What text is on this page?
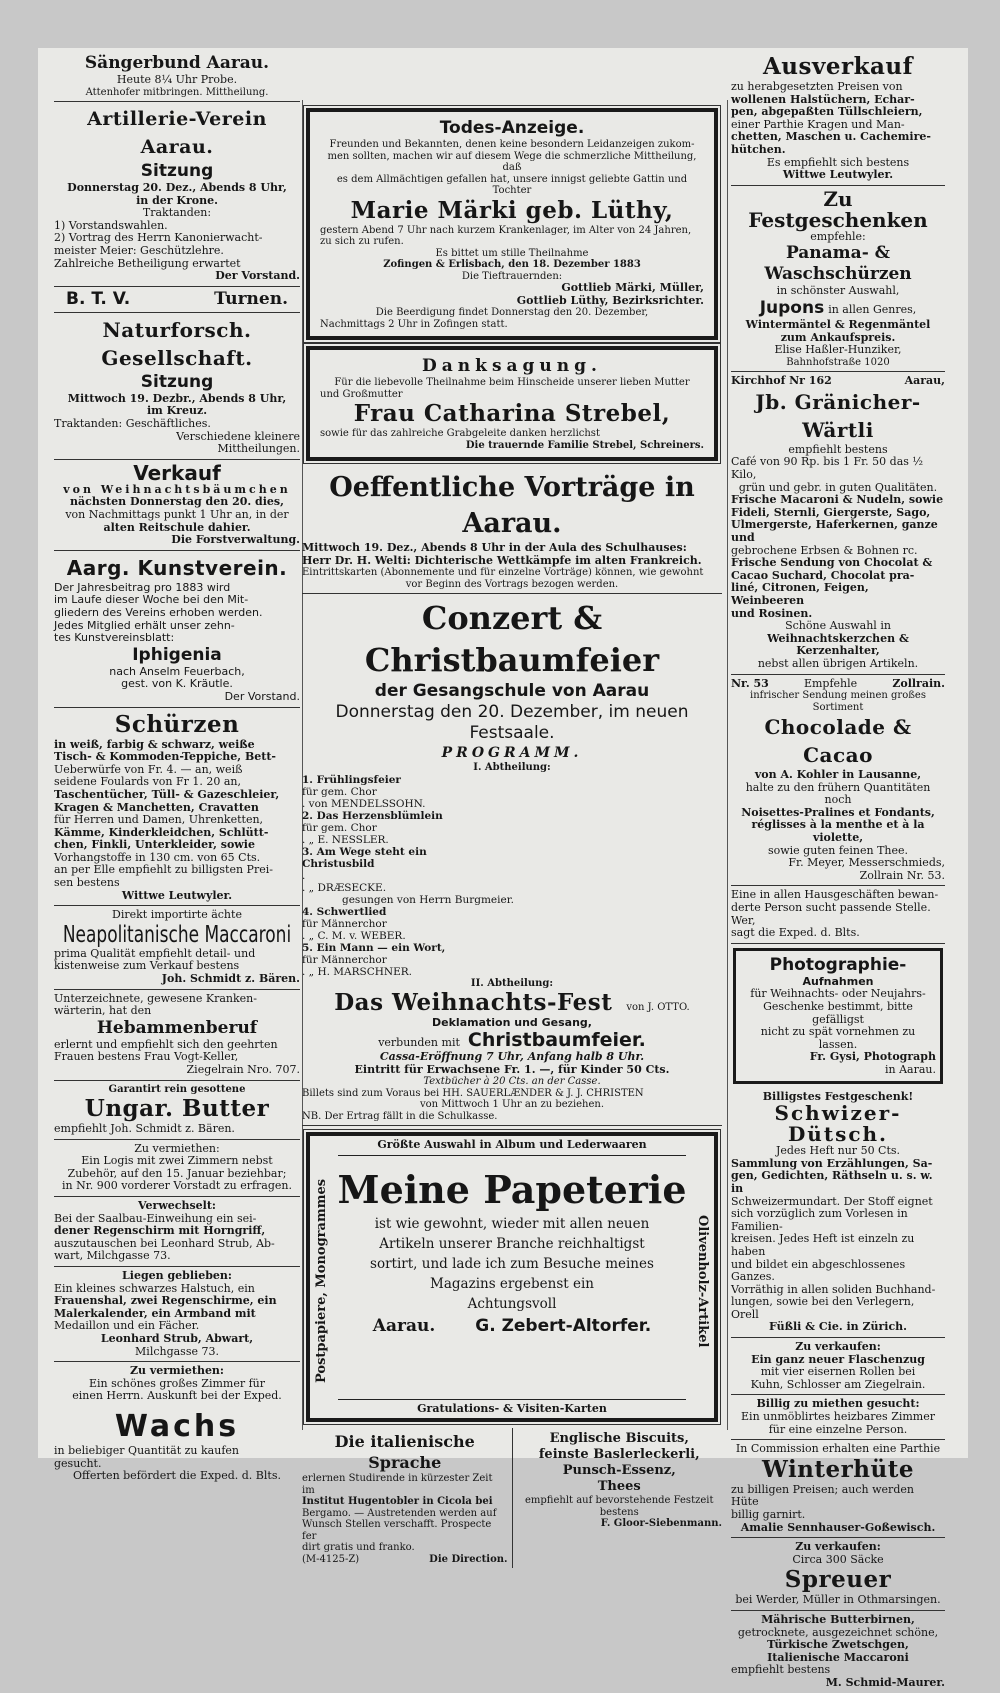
Sängerbund Aarau.
Heute 8¼ Uhr Probe.
Attenhofer mitbringen. Mittheilung.
Artillerie-Verein Aarau.
Sitzung
Donnerstag 20. Dez., Abends 8 Uhr,
in der Krone.
Traktanden:
1) Vorstandswahlen.
2) Vortrag des Herrn Kanonierwacht-
meister Meier: Geschützlehre.
Zahlreiche Betheiligung erwartet
Der Vorstand.
B. T. V.	Turnen.
Naturforsch. Gesellschaft.
Sitzung
Mittwoch 19. Dezbr., Abends 8 Uhr,
im Kreuz.
Traktanden: Geschäftliches.
Verschiedene kleinere
Mittheilungen.
Verkauf
von Weihnachtsbäumchen
nächsten Donnerstag den 20. dies,
von Nachmittags punkt 1 Uhr an, in der
alten Reitschule dahier.
Die Forstverwaltung.
Aarg. Kunstverein.
Der Jahresbeitrag pro 1883 wird
im Laufe dieser Woche bei den Mit-
gliedern des Vereins erhoben werden.
Jedes Mitglied erhält unser zehn-
tes Kunstvereinsblatt:
Iphigenia
nach Anselm Feuerbach,
gest. von K. Kräutle.
Der Vorstand.
Schürzen
in weiß, farbig & schwarz, weiße
Tisch- & Kommoden-Teppiche, Bett-
Ueberwürfe von Fr. 4. — an, weiß
seidene Foulards von Fr 1. 20 an,
Taschentücher, Tüll- & Gazeschleier,
Kragen & Manchetten, Cravatten
für Herren und Damen, Uhrenketten,
Kämme, Kinderkleidchen, Schlütt-
chen, Finkli, Unterkleider, sowie
Vorhangstoffe in 130 cm. von 65 Cts.
an per Elle empfiehlt zu billigsten Prei-
sen bestens
Wittwe Leutwyler.
Direkt importirte ächte
Neapolitanische Maccaroni
prima Qualität empfiehlt detail- und
kistenweise zum Verkauf bestens
Joh. Schmidt z. Bären.
Unterzeichnete, gewesene Kranken-
wärterin, hat den
Hebammenberuf
erlernt und empfiehlt sich den geehrten
Frauen bestens Frau Vogt-Keller,
Ziegelrain Nro. 707.
Garantirt rein gesottene
Ungar. Butter
empfiehlt Joh. Schmidt z. Bären.
Zu vermiethen:
Ein Logis mit zwei Zimmern nebst
Zubehör, auf den 15. Januar beziehbar;
in Nr. 900 vorderer Vorstadt zu erfragen.
Verwechselt:
Bei der Saalbau-Einweihung ein sei-
dener Regenschirm mit Horngriff,
auszutauschen bei Leonhard Strub, Ab-
wart, Milchgasse 73.
Liegen geblieben:
Ein kleines schwarzes Halstuch, ein
Frauenshal, zwei Regenschirme, ein
Malerkalender, ein Armband mit
Medaillon und ein Fächer.
Leonhard Strub, Abwart,
Milchgasse 73.
Zu vermiethen:
Ein schönes großes Zimmer für
einen Herrn. Auskunft bei der Exped.
Wachs
in beliebiger Quantität zu kaufen
gesucht.
Offerten befördert die Exped. d. Blts.
Todes-Anzeige.
Freunden und Bekannten, denen keine besondern Leidanzeigen zukom-
men sollten, machen wir auf diesem Wege die schmerzliche Mittheilung, daß
es dem Allmächtigen gefallen hat, unsere innigst geliebte Gattin und Tochter
Marie Märki geb. Lüthy,
gestern Abend 7 Uhr nach kurzem Krankenlager, im Alter von 24 Jahren,
zu sich zu rufen.
Es bittet um stille Theilnahme
Zofingen & Erlisbach, den 18. Dezember 1883
Die Tieftrauernden:
Gottlieb Märki, Müller,
Gottlieb Lüthy, Bezirksrichter.
Die Beerdigung findet Donnerstag den 20. Dezember,
Nachmittags 2 Uhr in Zofingen statt.
Danksagung.
Für die liebevolle Theilnahme beim Hinscheide unserer lieben Mutter
und Großmutter
Frau Catharina Strebel,
sowie für das zahlreiche Grabgeleite danken herzlichst
Die trauernde Familie Strebel, Schreiners.
Oeffentliche Vorträge in Aarau.
Mittwoch 19. Dez., Abends 8 Uhr in der Aula des Schulhauses:
Herr Dr. H. Welti: Dichterische Wettkämpfe im alten Frankreich.
Eintrittskarten (Abonnemente und für einzelne Vorträge) können, wie gewohnt
vor Beginn des Vortrags bezogen werden.
Conzert & Christbaumfeier
der Gesangschule von Aarau
Donnerstag den 20. Dezember, im neuen Festsaale.
PROGRAMM.
I. Abtheilung:
1. Frühlingsfeier
für gem. Chor
. von MENDELSSOHN.
2. Das Herzensblümlein
für gem. Chor
. „ E. NESSLER.
3. Am Wege steht ein Christusbild
.
. „ DRÆSECKE.
gesungen von Herrn Burgmeier.
4. Schwertlied
für Männerchor
. „ C. M. v. WEBER.
5. Ein Mann — ein Wort,
für Männerchor
. „ H. MARSCHNER.
II. Abtheilung:
Das Weihnachts-Fest von J. OTTO.
Deklamation und Gesang,
verbunden mit Christbaumfeier.
Cassa-Eröffnung 7 Uhr, Anfang halb 8 Uhr.
Eintritt für Erwachsene Fr. 1. —, für Kinder 50 Cts.
Textbücher à 20 Cts. an der Casse.
Billets sind zum Voraus bei HH. SAUERLÆNDER & J. J. CHRISTEN
von Mittwoch 1 Uhr an zu beziehen.
NB. Der Ertrag fällt in die Schulkasse.
Größte Auswahl in Album und Lederwaaren
Postpapiere, Monogrammes	Olivenholz-Artikel
Meine Papeterie
ist wie gewohnt, wieder mit allen neuen
Artikeln unserer Branche reichhaltigst
sortirt, und lade ich zum Besuche meines
Magazins ergebenst ein
Achtungsvoll
Aarau. G. Zebert-Altorfer.
Gratulations- & Visiten-Karten
Die italienische Sprache
erlernen Studirende in kürzester Zeit im
Institut Hugentobler in Cicola bei
Bergamo. — Austretenden werden auf
Wunsch Stellen verschafft. Prospecte fer
dirt gratis und franko.
(M-4125-Z)	Die Direction.
Englische Biscuits,
feinste Baslerleckerli,
Punsch-Essenz,
Thees
empfiehlt auf bevorstehende Festzeit bestens
F. Gloor-Siebenmann.
Ausverkauf
zu herabgesetzten Preisen von
wollenen Halstüchern, Echar-
pen, abgepaßten Tüllschleiern,
einer Parthie Kragen und Man-
chetten, Maschen u. Cachemire-
hütchen.
Es empfiehlt sich bestens
Wittwe Leutwyler.
Zu Festgeschenken
empfehle:
Panama- & Waschschürzen
in schönster Auswahl,
Jupons in allen Genres,
Wintermäntel & Regenmäntel
zum Ankaufspreis.
Elise Haßler-Hunziker,
Bahnhofstraße 1020
Kirchhof Nr 162	Aarau,
Jb. Gränicher-Wärtli
empfiehlt bestens
Café von 90 Rp. bis 1 Fr. 50 das ½ Kilo,
grün und gebr. in guten Qualitäten.
Frische Macaroni & Nudeln, sowie
Fideli, Sternli, Giergerste, Sago,
Ulmergerste, Haferkernen, ganze und
gebrochene Erbsen & Bohnen rc.
Frische Sendung von Chocolat &
Cacao Suchard, Chocolat pra-
liné, Citronen, Feigen, Weinbeeren
und Rosinen.
Schöne Auswahl in
Weihnachtskerzchen & Kerzenhalter,
nebst allen übrigen Artikeln.
Nr. 53	Empfehle	Zollrain.
infrischer Sendung meinen großes Sortiment
Chocolade & Cacao
von A. Kohler in Lausanne,
halte zu den frühern Quantitäten noch
Noisettes-Pralines et Fondants,
réglisses à la menthe et à la violette,
sowie guten feinen Thee.
Fr. Meyer, Messerschmieds,
Zollrain Nr. 53.
Eine in allen Hausgeschäften bewan-
derte Person sucht passende Stelle. Wer,
sagt die Exped. d. Blts.
Photographie-
Aufnahmen
für Weihnachts- oder Neujahrs-
Geschenke bestimmt, bitte gefälligst
nicht zu spät vornehmen zu lassen.
Fr. Gysi, Photograph
in Aarau.
Billigstes Festgeschenk!
Schwizer-Dütsch.
Jedes Heft nur 50 Cts.
Sammlung von Erzählungen, Sa-
gen, Gedichten, Räthseln u. s. w. in
Schweizermundart. Der Stoff eignet
sich vorzüglich zum Vorlesen in Familien-
kreisen. Jedes Heft ist einzeln zu haben
und bildet ein abgeschlossenes Ganzes.
Vorräthig in allen soliden Buchhand-
lungen, sowie bei den Verlegern, Orell
Füßli & Cie. in Zürich.
Zu verkaufen:
Ein ganz neuer Flaschenzug
mit vier eisernen Rollen bei
Kuhn, Schlosser am Ziegelrain.
Billig zu miethen gesucht:
Ein unmöblirtes heizbares Zimmer
für eine einzelne Person.
In Commission erhalten eine Parthie
Winterhüte
zu billigen Preisen; auch werden Hüte
billig garnirt.
Amalie Sennhauser-Goßewisch.
Zu verkaufen:
Circa 300 Säcke
Spreuer
bei Werder, Müller in Othmarsingen.
Mährische Butterbirnen,
getrocknete, ausgezeichnet schöne,
Türkische Zwetschgen,
Italienische Maccaroni
empfiehlt bestens
M. Schmid-Maurer.
